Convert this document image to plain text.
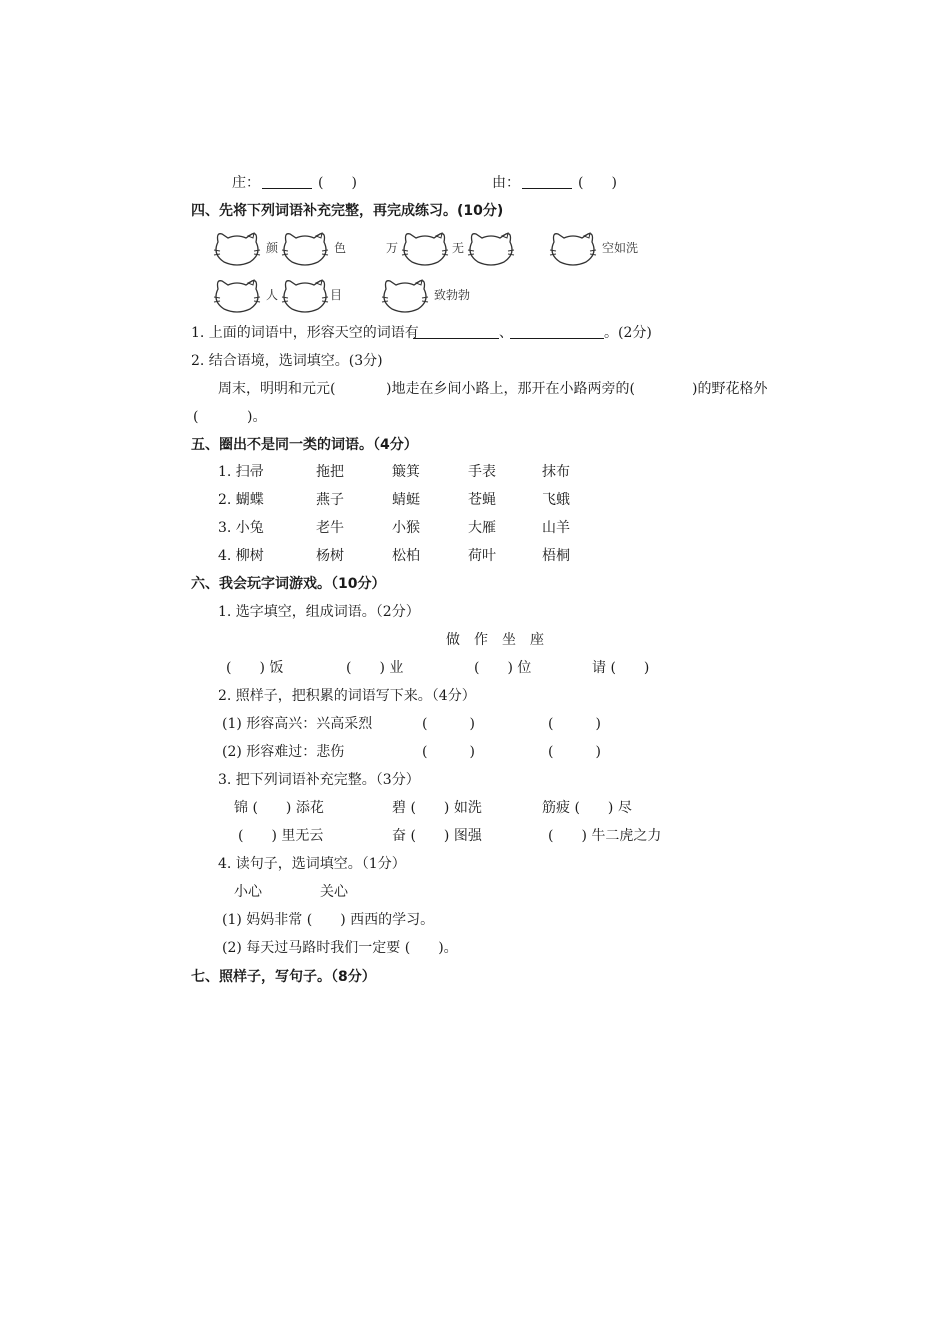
庄：	(　　)	由：	(　　)
四、先将下列词语补充完整，再完成练习。(10分)
颜	色	万	无	空如洗
人	目	致勃勃
1. 上面的词语中，形容天空的词语有	、	。(2分)
2. 结合语境，选词填空。(3分)
周末，明明和元元(	)地走在乡间小路上，那开在小路两旁的(	)的野花格外
(	)。
五、圈出不是同一类的词语。（4分）
1. 扫帚	拖把	簸箕	手表	抹布
2. 蝴蝶	燕子	蜻蜓	苍蝇	飞蛾
3. 小兔	老牛	小猴	大雁	山羊
4. 柳树	杨树	松柏	荷叶	梧桐
六、我会玩字词游戏。（10分）
1. 选字填空，组成词语。（2分）
做　作　坐　座
(　　) 饭	(　　) 业	(　　) 位	请 (　　)
2. 照样子，把积累的词语写下来。（4分）
(1) 形容高兴：兴高采烈	(　　　)	(　　　)
(2) 形容难过：悲伤	(　　　)	(　　　)
3. 把下列词语补充完整。（3分）
锦 (　　) 添花	碧 (　　) 如洗	筋疲 (　　) 尽
(　　) 里无云	奋 (　　) 图强	(　　) 牛二虎之力
4. 读句子，选词填空。（1分）
小心	关心
(1) 妈妈非常 (　　) 西西的学习。
(2) 每天过马路时我们一定要 (　　)。
七、照样子，写句子。（8分）
